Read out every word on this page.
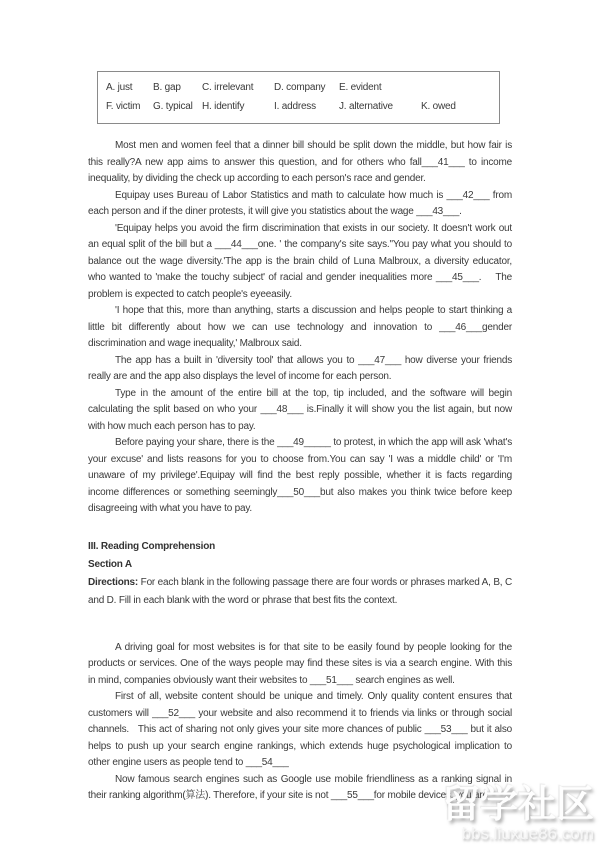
A. just	B. gap	C. irrelevant	D. company	E. evident
F. victim	G. typical H. identify	I. address	J. alternative	K. owed

Most men and women feel that a dinner bill should be split down the middle, but how fair is this really?A new app aims to answer this question, and for others who fall___41___ to income inequality, by dividing the check up according to each person's race and gender.

Equipay uses Bureau of Labor Statistics and math to calculate how much is ___42___ from each person and if the diner protests, it will give you statistics about the wage ___43___.

'Equipay helps you avoid the firm discrimination that exists in our society. It doesn't work out an equal split of the bill but a ___44___one. ' the company's site says."You pay what you should to balance out the wage diversity.'The app is the brain child of Luna Malbroux, a diversity educator, who wanted to 'make the touchy subject' of racial and gender inequalities more ___45___.    The problem is expected to catch people's eyeeasily.

'I hope that this, more than anything, starts a discussion and helps people to start thinking a little bit differently about how we can use technology and innovation to ___46___gender discrimination and wage inequality,' Malbroux said.

The app has a built in 'diversity tool' that allows you to ___47___ how diverse your friends really are and the app also displays the level of income for each person.

Type in the amount of the entire bill at the top, tip included, and the software will begin calculating the split based on who your ___48___ is.Finally it will show you the list again, but now with how much each person has to pay.

Before paying your share, there is the ___49_____ to protest, in which the app will ask 'what's your excuse' and lists reasons for you to choose from.You can say 'I was a middle child' or 'I'm unaware of my privilege'.Equipay will find the best reply possible, whether it is facts regarding income differences or something seemingly___50___but also makes you think twice before keep disagreeing with what you have to pay.

III. Reading Comprehension

Section A

Directions: For each blank in the following passage there are four words or phrases marked A, B, C and D. Fill in each blank with the word or phrase that best fits the context.

A driving goal for most websites is for that site to be easily found by people looking for the products or services. One of the ways people may find these sites is via a search engine. With this in mind, companies obviously want their websites to ___51___ search engines as well.

First of all, website content should be unique and timely. Only quality content ensures that customers will ___52___ your website and also recommend it to friends via links or through social channels.   This act of sharing not only gives your site more chances of public ___53___ but it also helps to push up your search engine rankings, which extends huge psychological implication to other engine users as people tend to ___54___

Now famous search engines such as Google use mobile friendliness as a ranking signal in their ranking algorithm(算法). Therefore, if your site is not ___55___for mobile devices, you are

留学社区
bbs.liuxue86.com
